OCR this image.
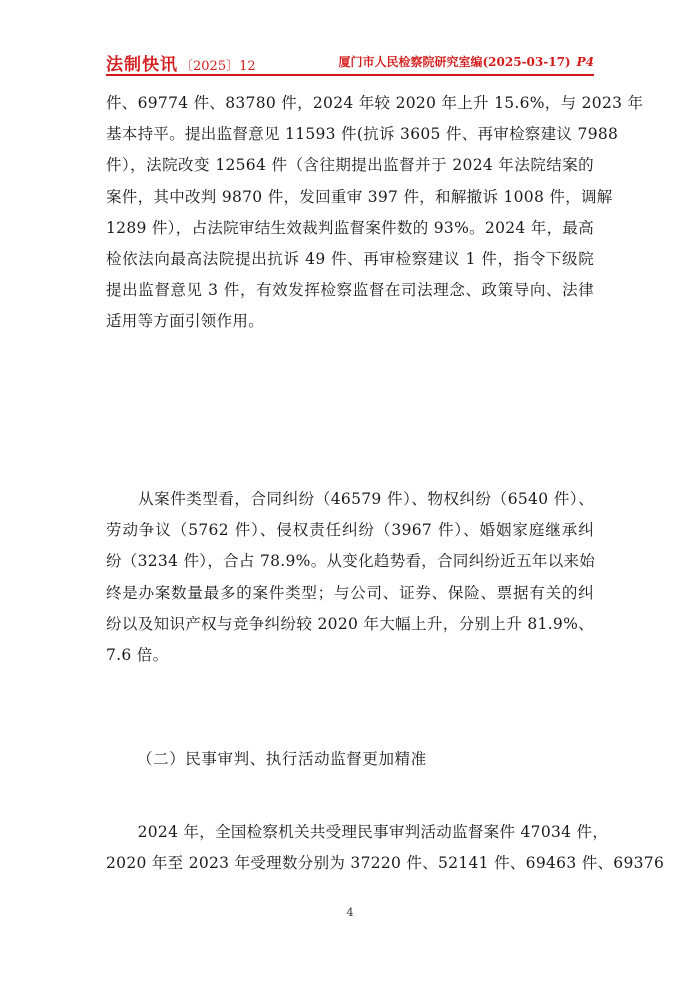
法制快讯 〔2025〕12	厦门市人民检察院研究室编(2025-03-17) P4
件、69774 件、83780 件，2024 年较 2020 年上升 15.6%，与 2023 年
基本持平。提出监督意见 11593 件(抗诉 3605 件、再审检察建议 7988
件），法院改变 12564 件（含往期提出监督并于 2024 年法院结案的
案件，其中改判 9870 件，发回重审 397 件，和解撤诉 1008 件，调解
1289 件），占法院审结生效裁判监督案件数的 93%。2024 年，最高
检依法向最高法院提出抗诉 49 件、再审检察建议 1 件，指令下级院
提出监督意见 3 件，有效发挥检察监督在司法理念、政策导向、法律
适用等方面引领作用。
　　从案件类型看，合同纠纷（46579 件）、物权纠纷（6540 件）、
劳动争议（5762 件）、侵权责任纠纷（3967 件）、婚姻家庭继承纠
纷（3234 件），合占 78.9%。从变化趋势看，合同纠纷近五年以来始
终是办案数量最多的案件类型；与公司、证券、保险、票据有关的纠
纷以及知识产权与竞争纠纷较 2020 年大幅上升，分别上升 81.9%、
7.6 倍。
（二）民事审判、执行活动监督更加精准
　　2024 年，全国检察机关共受理民事审判活动监督案件 47034 件，
2020 年至 2023 年受理数分别为 37220 件、52141 件、69463 件、69376
4
